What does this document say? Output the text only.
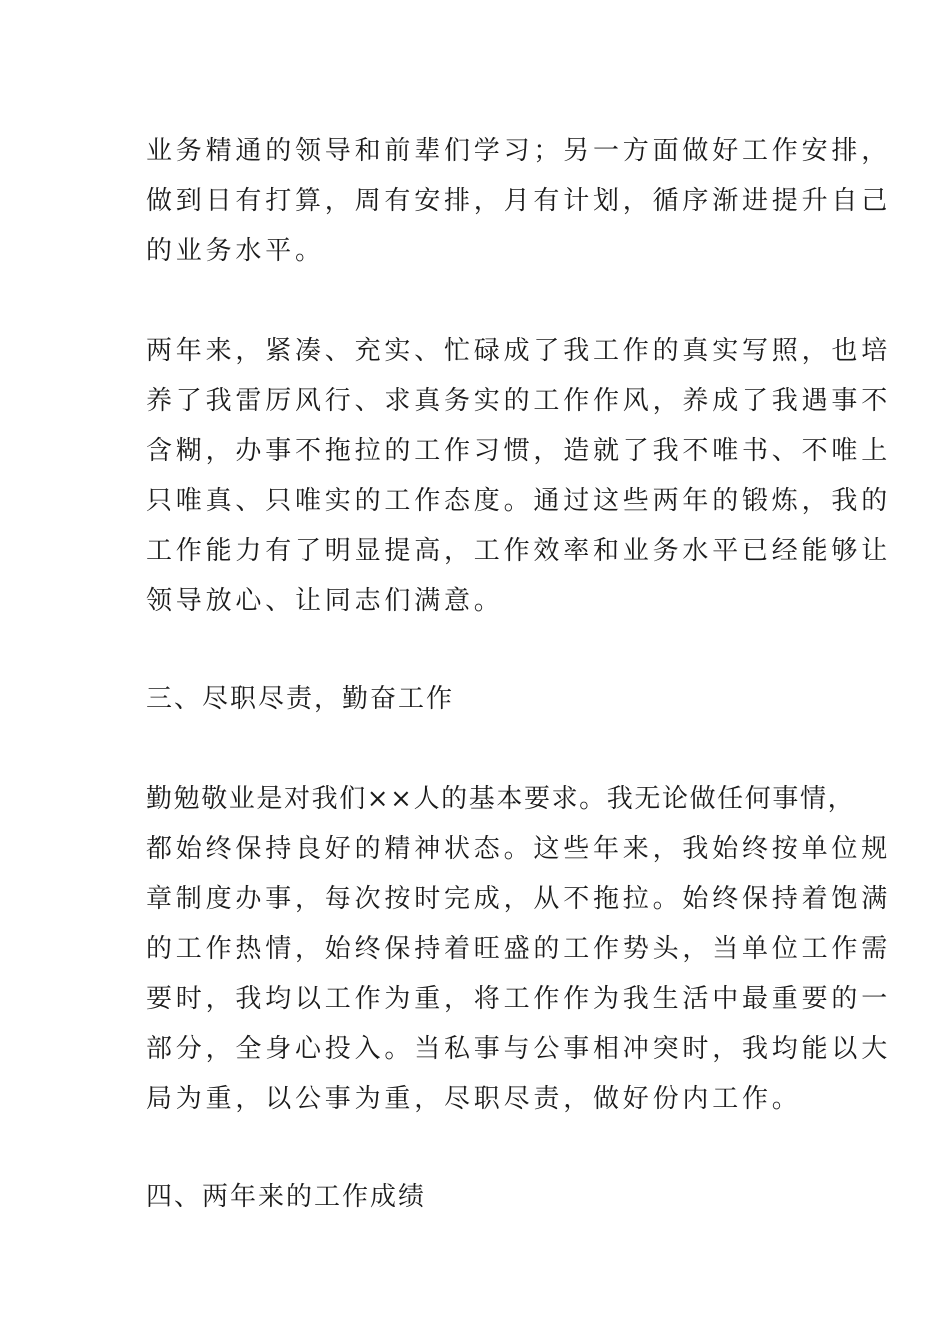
业务精通的领导和前辈们学习；另一方面做好工作安排，

做到日有打算，周有安排，月有计划，循序渐进提升自己

的业务水平。

两年来，紧凑、充实、忙碌成了我工作的真实写照，也培

养了我雷厉风行、求真务实的工作作风，养成了我遇事不

含糊，办事不拖拉的工作习惯，造就了我不唯书、不唯上

只唯真、只唯实的工作态度。通过这些两年的锻炼，我的

工作能力有了明显提高，工作效率和业务水平已经能够让

领导放心、让同志们满意。

三、尽职尽责，勤奋工作

勤勉敬业是对我们××人的基本要求。我无论做任何事情，

都始终保持良好的精神状态。这些年来，我始终按单位规

章制度办事，每次按时完成，从不拖拉。始终保持着饱满

的工作热情，始终保持着旺盛的工作势头，当单位工作需

要时，我均以工作为重，将工作作为我生活中最重要的一

部分，全身心投入。当私事与公事相冲突时，我均能以大

局为重，以公事为重，尽职尽责，做好份内工作。

四、两年来的工作成绩
